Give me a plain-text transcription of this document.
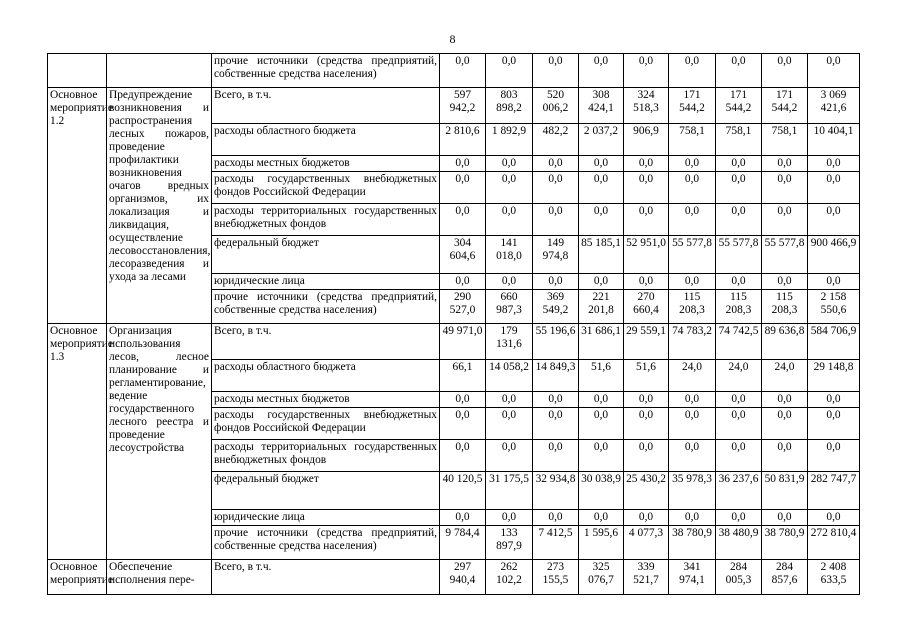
8
		прочие источники (средства предприятий, собственные средства населения)	0,0	0,0	0,0	0,0	0,0	0,0	0,0	0,0	0,0
Основное мероприятие 1.2	Предупреждение возникновения и распространения лесных пожаров, проведение профилактики возникновения очагов вредных организмов, их локализация и ликвидация, осуществление лесовосстановления, лесоразведения и ухода за лесами	Всего, в т.ч.	597 942,2	803 898,2	520 006,2	308 424,1	324 518,3	171 544,2	171 544,2	171 544,2	3 069 421,6
		расходы областного бюджета	2 810,6	1 892,9	482,2	2 037,2	906,9	758,1	758,1	758,1	10 404,1
		расходы местных бюджетов	0,0	0,0	0,0	0,0	0,0	0,0	0,0	0,0	0,0
		расходы государственных внебюджетных фондов Российской Федерации	0,0	0,0	0,0	0,0	0,0	0,0	0,0	0,0	0,0
		расходы территориальных государственных внебюджетных фондов	0,0	0,0	0,0	0,0	0,0	0,0	0,0	0,0	0,0
		федеральный бюджет	304 604,6	141 018,0	149 974,8	85 185,1	52 951,0	55 577,8	55 577,8	55 577,8	900 466,9
		юридические лица	0,0	0,0	0,0	0,0	0,0	0,0	0,0	0,0	0,0
		прочие источники (средства предприятий, собственные средства населения)	290 527,0	660 987,3	369 549,2	221 201,8	270 660,4	115 208,3	115 208,3	115 208,3	2 158 550,6
Основное мероприятие 1.3	Организация использования лесов, лесное планирование и регламентирование, ведение государственного лесного реестра и проведение лесоустройства	Всего, в т.ч.	49 971,0	179 131,6	55 196,6	31 686,1	29 559,1	74 783,2	74 742,5	89 636,8	584 706,9
		расходы областного бюджета	66,1	14 058,2	14 849,3	51,6	51,6	24,0	24,0	24,0	29 148,8
		расходы местных бюджетов	0,0	0,0	0,0	0,0	0,0	0,0	0,0	0,0	0,0
		расходы государственных внебюджетных фондов Российской Федерации	0,0	0,0	0,0	0,0	0,0	0,0	0,0	0,0	0,0
		расходы территориальных государственных внебюджетных фондов	0,0	0,0	0,0	0,0	0,0	0,0	0,0	0,0	0,0
		федеральный бюджет	40 120,5	31 175,5	32 934,8	30 038,9	25 430,2	35 978,3	36 237,6	50 831,9	282 747,7
		юридические лица	0,0	0,0	0,0	0,0	0,0	0,0	0,0	0,0	0,0
		прочие источники (средства предприятий, собственные средства населения)	9 784,4	133 897,9	7 412,5	1 595,6	4 077,3	38 780,9	38 480,9	38 780,9	272 810,4
Основное мероприятие	Обеспечение исполнения пере-	Всего, в т.ч.	297 940,4	262 102,2	273 155,5	325 076,7	339 521,7	341 974,1	284 005,3	284 857,6	2 408 633,5
